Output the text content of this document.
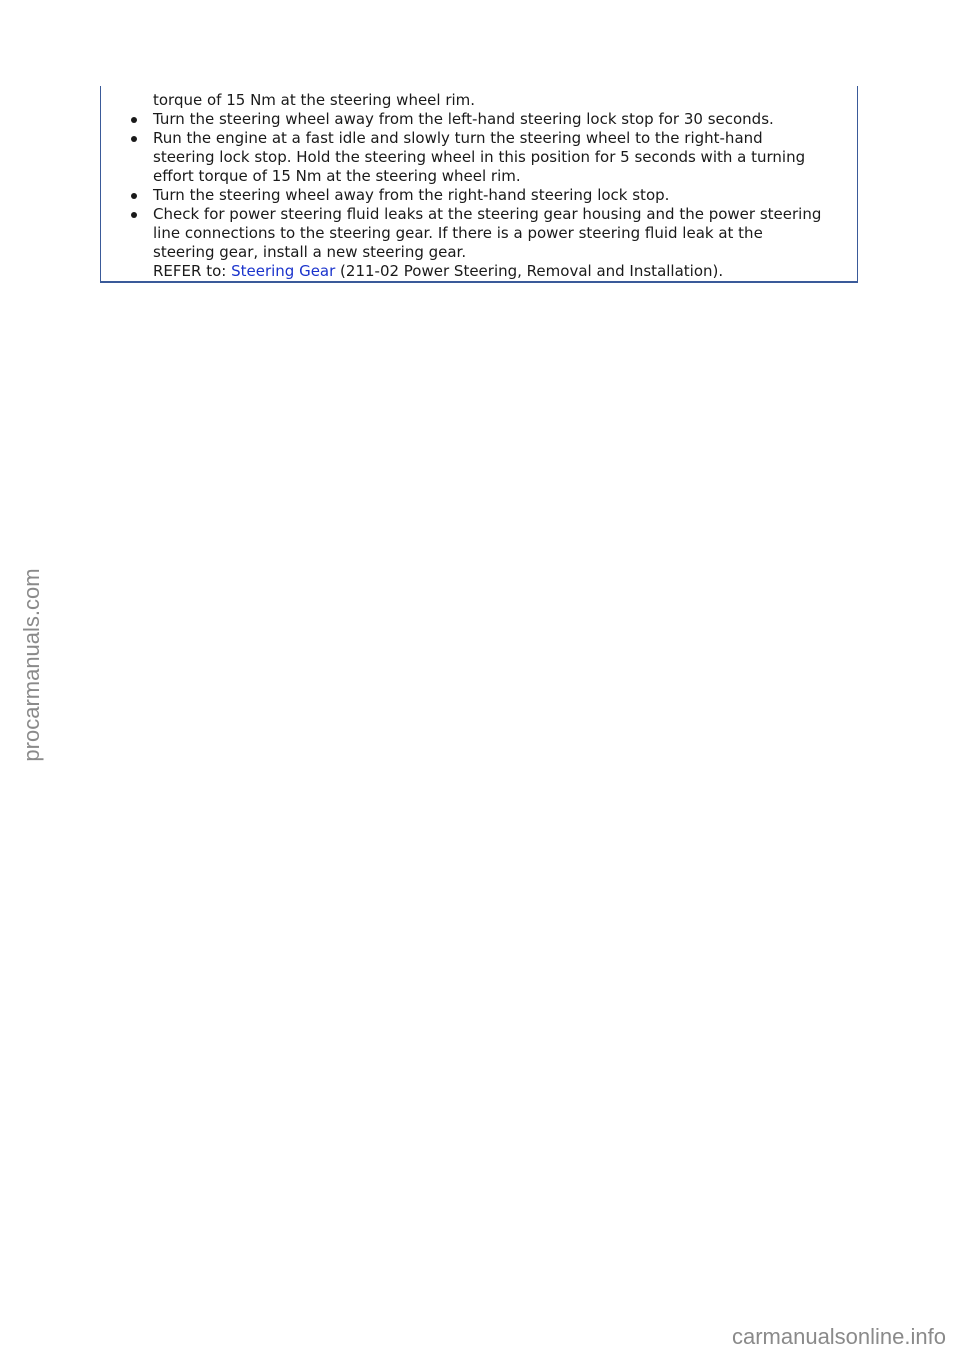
torque of 15 Nm at the steering wheel rim.
Turn the steering wheel away from the left-hand steering lock stop for 30 seconds.
Run the engine at a fast idle and slowly turn the steering wheel to the right-hand
steering lock stop. Hold the steering wheel in this position for 5 seconds with a turning
effort torque of 15 Nm at the steering wheel rim.
Turn the steering wheel away from the right-hand steering lock stop.
Check for power steering fluid leaks at the steering gear housing and the power steering
line connections to the steering gear. If there is a power steering fluid leak at the
steering gear, install a new steering gear.
REFER to: Steering Gear (211-02 Power Steering, Removal and Installation).
procarmanuals.com
carmanualsonline.info
